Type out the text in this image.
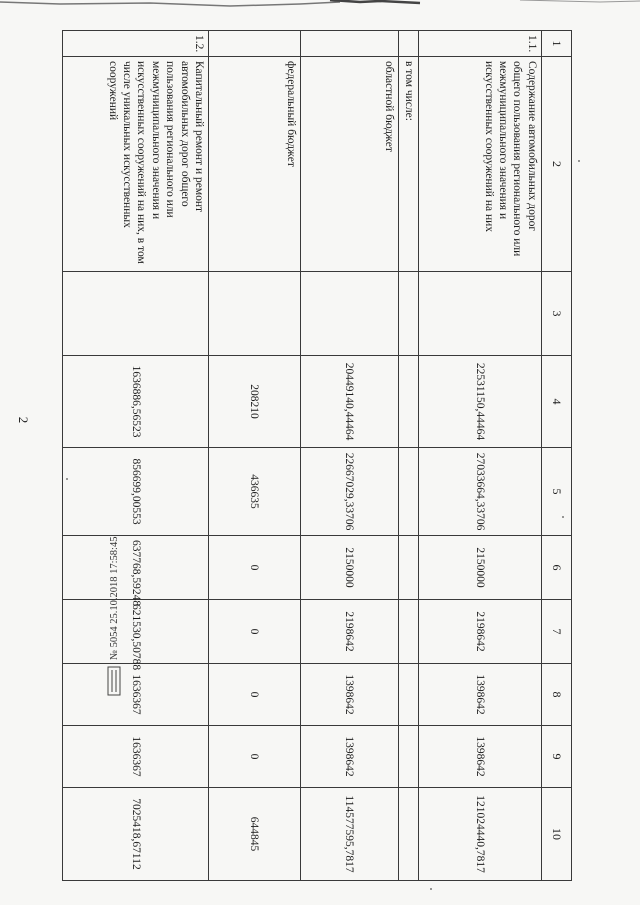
2
1	2	3	4	5	6	7	8	9	10
1.1.	Содержание автомобильных дорог общего пользования регионального или межмуниципального значения и искусственных сооружений на них		22531150,44464	27033664,33706	2150000	2198642	1398642	1398642	121024440,7817
	в том числе:								
	областной бюджет		20449140,44464	22667029,33706	2150000	2198642	1398642	1398642	114577595,7817
	федеральный бюджет		208210	436635	0	0	0	0	644845
1.2.	Капитальный ремонт и ремонт автомобильных дорог общего пользования регионального или межмуниципального значения и искусственных сооружений на них, в том числе уникальных искусственных сооружений		1636886,56523	856699,00553	637768,59248	621530,50788	1636367	1636367	7025418,67112
№ 5054 25.10.2018 17:58:45
